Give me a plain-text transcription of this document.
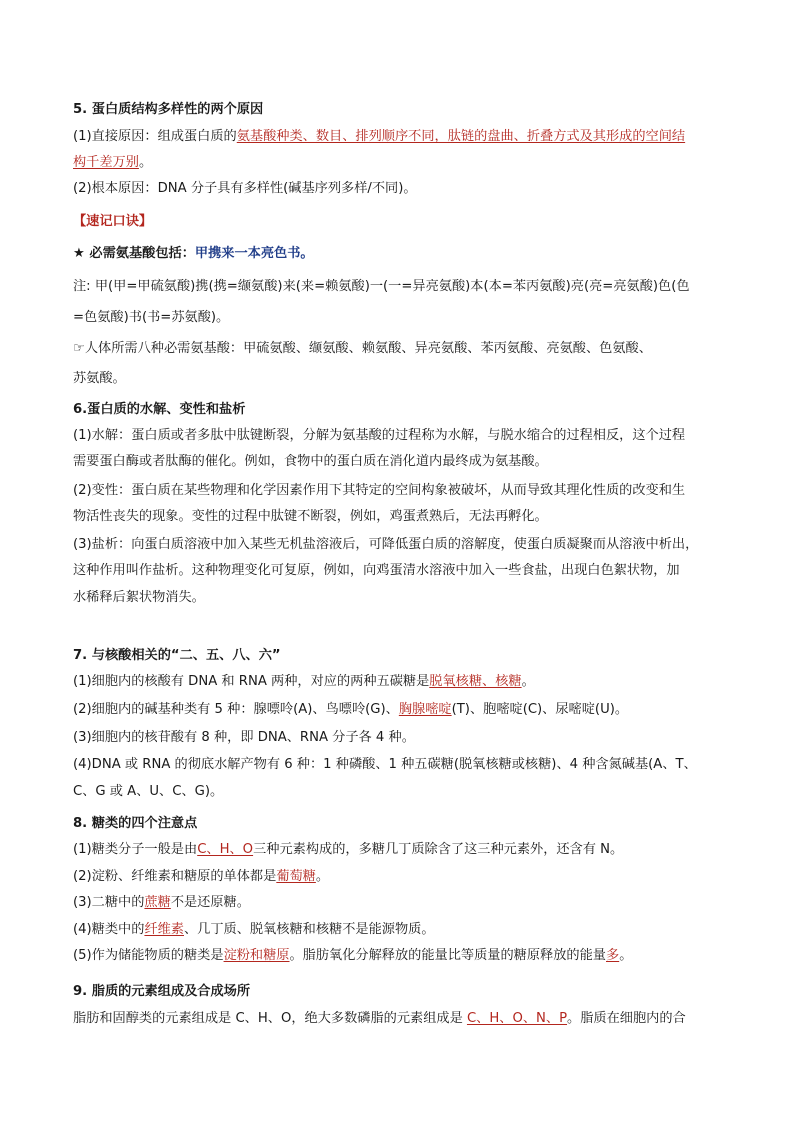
5. 蛋白质结构多样性的两个原因
(1)直接原因：组成蛋白质的氨基酸种类、数目、排列顺序不同，肽链的盘曲、折叠方式及其形成的空间结
构千差万别。
(2)根本原因：DNA 分子具有多样性(碱基序列多样/不同)。
【速记口诀】
★ 必需氨基酸包括：甲携来一本亮色书。
注: 甲(甲=甲硫氨酸)携(携=缬氨酸)来(来=赖氨酸)一(一=异亮氨酸)本(本=苯丙氨酸)亮(亮=亮氨酸)色(色
=色氨酸)书(书=苏氨酸)。
☞人体所需八种必需氨基酸：甲硫氨酸、缬氨酸、赖氨酸、异亮氨酸、苯丙氨酸、亮氨酸、色氨酸、
苏氨酸。
6.蛋白质的水解、变性和盐析
(1)水解：蛋白质或者多肽中肽键断裂，分解为氨基酸的过程称为水解，与脱水缩合的过程相反，这个过程
需要蛋白酶或者肽酶的催化。例如，食物中的蛋白质在消化道内最终成为氨基酸。
(2)变性：蛋白质在某些物理和化学因素作用下其特定的空间构象被破坏，从而导致其理化性质的改变和生
物活性丧失的现象。变性的过程中肽键不断裂，例如，鸡蛋煮熟后，无法再孵化。
(3)盐析：向蛋白质溶液中加入某些无机盐溶液后，可降低蛋白质的溶解度，使蛋白质凝聚而从溶液中析出，
这种作用叫作盐析。这种物理变化可复原，例如，向鸡蛋清水溶液中加入一些食盐，出现白色絮状物，加
水稀释后絮状物消失。
7. 与核酸相关的“二、五、八、六”
(1)细胞内的核酸有 DNA 和 RNA 两种，对应的两种五碳糖是脱氧核糖、核糖。
(2)细胞内的碱基种类有 5 种：腺嘌呤(A)、鸟嘌呤(G)、胸腺嘧啶(T)、胞嘧啶(C)、尿嘧啶(U)。
(3)细胞内的核苷酸有 8 种，即 DNA、RNA 分子各 4 种。
(4)DNA 或 RNA 的彻底水解产物有 6 种：1 种磷酸、1 种五碳糖(脱氧核糖或核糖)、4 种含氮碱基(A、T、
C、G 或 A、U、C、G)。
8. 糖类的四个注意点
(1)糖类分子一般是由C、H、O三种元素构成的，多糖几丁质除含了这三种元素外，还含有 N。
(2)淀粉、纤维素和糖原的单体都是葡萄糖。
(3)二糖中的蔗糖不是还原糖。
(4)糖类中的纤维素、几丁质、脱氧核糖和核糖不是能源物质。
(5)作为储能物质的糖类是淀粉和糖原。脂肪氧化分解释放的能量比等质量的糖原释放的能量多。
9. 脂质的元素组成及合成场所
脂肪和固醇类的元素组成是 C、H、O，绝大多数磷脂的元素组成是 C、H、O、N、P。脂质在细胞内的合
